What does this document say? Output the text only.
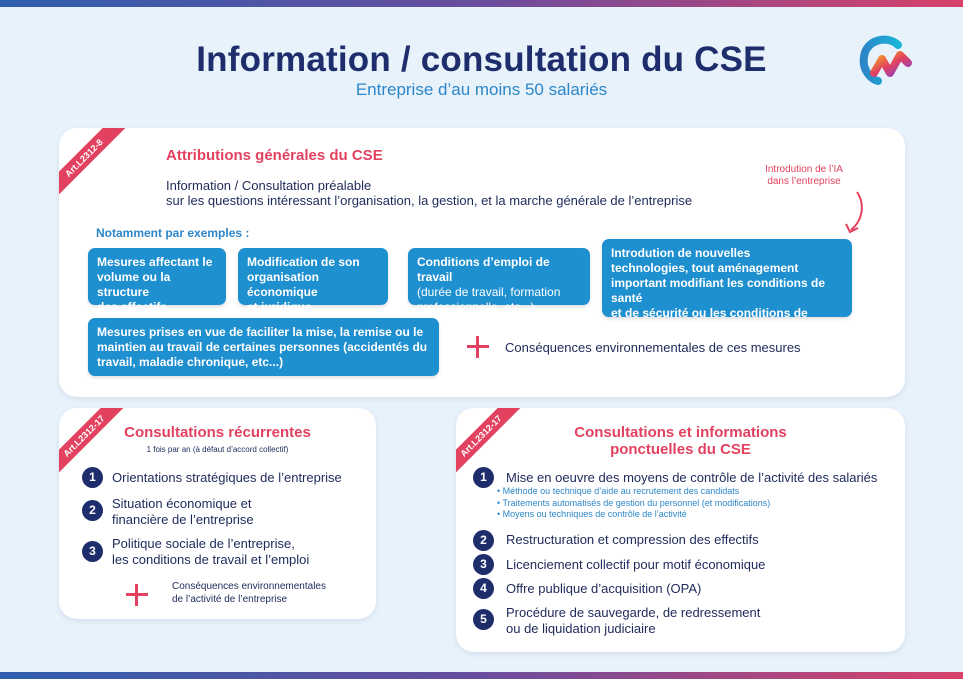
Information / consultation du CSE
Entreprise d’au moins 50 salariés
Art.L2312-8	Attributions générales du CSE
Information / Consultation préalable
sur les questions intéressant l’organisation, la gestion, et la marche générale de l’entreprise
Introdution de l’IA
dans l’entreprise
Notamment par exemples :
Mesures affectant le
volume ou la structure
des effectifs
Modification de son
organisation économique
et juridique
Conditions d’emploi de travail
(durée de travail, formation
professionnelle, etc...)
Introdution de nouvelles
technologies, tout aménagement
important modifiant les conditions de santé
et de sécurité ou les conditions de travail
Mesures prises en vue de faciliter la mise, la remise ou le
maintien au travail de certaines personnes (accidentés du
travail, maladie chronique, etc...)
Conséquences environnementales de ces mesures
Art.L2312-17	Consultations récurrentes
1 fois par an (à défaut d’accord collectif)
1	Orientations stratégiques de l’entreprise
2	Situation économique et
financière de l’entreprise
3	Politique sociale de l’entreprise,
les conditions de travail et l’emploi
Conséquences environnementales
de l’activité de l’entreprise
Art.L2312-17	Consultations et informations
ponctuelles du CSE
1	Mise en oeuvre des moyens de contrôle de l’activité des salariés
• Méthode ou technique d’aide au recrutement des candidats
• Traitements automatisés de gestion du personnel (et modifications)
• Moyens ou techniques de contrôle de l’activité
2	Restructuration et compression des effectifs
3	Licenciement collectif pour motif économique
4	Offre publique d’acquisition (OPA)
5	Procédure de sauvegarde, de redressement
ou de liquidation judiciaire
